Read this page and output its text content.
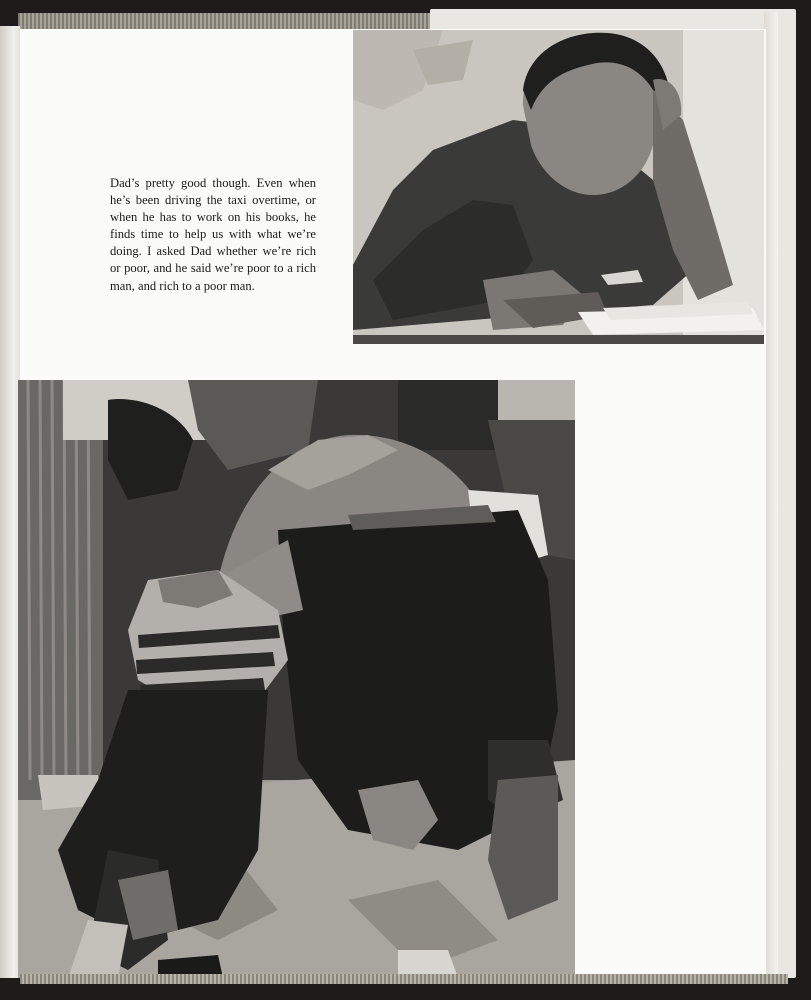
Dad’s pretty good though. Even when he’s been driving the taxi overtime, or when he has to work on his books, he finds time to help us with what we’re doing. I asked Dad whether we’re rich or poor, and he said we’re poor to a rich man, and rich to a poor man.
